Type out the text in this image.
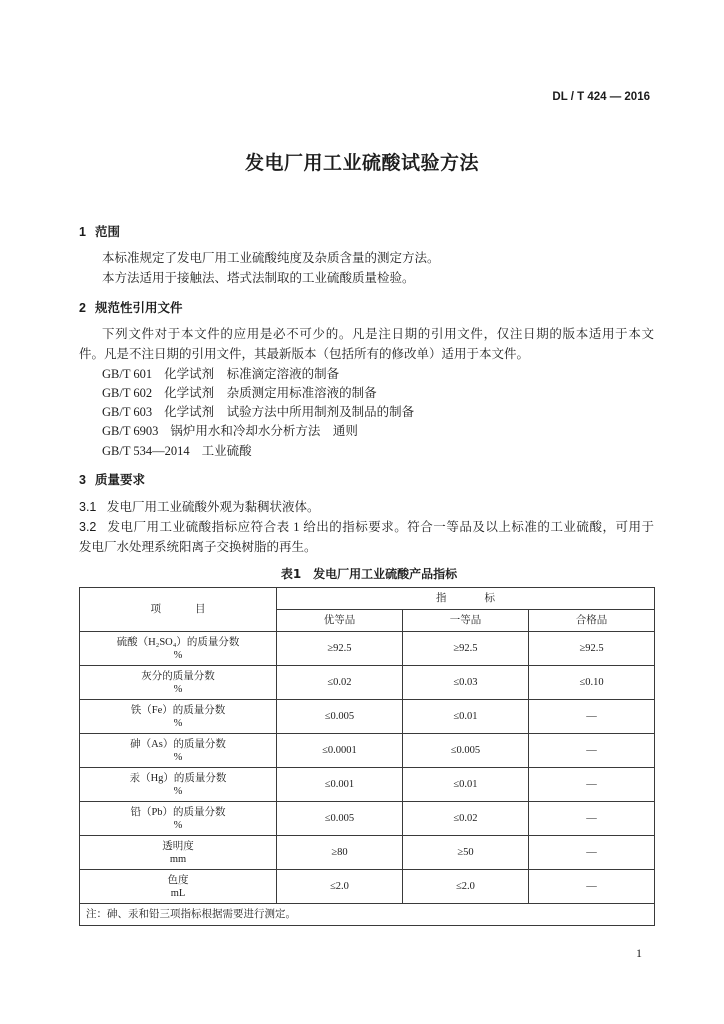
DL / T 424 — 2016
发电厂用工业硫酸试验方法
1 范围
本标准规定了发电厂用工业硫酸纯度及杂质含量的测定方法。
本方法适用于接触法、塔式法制取的工业硫酸质量检验。
2 规范性引用文件
下列文件对于本文件的应用是必不可少的。凡是注日期的引用文件，仅注日期的版本适用于本文
件。凡是不注日期的引用文件，其最新版本（包括所有的修改单）适用于本文件。
GB/T 601 化学试剂　标准滴定溶液的制备
GB/T 602 化学试剂　杂质测定用标准溶液的制备
GB/T 603 化学试剂　试验方法中所用制剂及制品的制备
GB/T 6903 锅炉用水和冷却水分析方法　通则
GB/T 534—2014 工业硫酸
3 质量要求
3.1 发电厂用工业硫酸外观为黏稠状液体。
3.2 发电厂用工业硫酸指标应符合表 1 给出的指标要求。符合一等品及以上标准的工业硫酸，可用于
发电厂水处理系统阳离子交换树脂的再生。
表1 发电厂用工业硫酸产品指标
项目	指标		
	优等品	一等品	合格品

硫酸（H₂SO₄）的质量分数
%	≥92.5	≥92.5	≥92.5

灰分的质量分数
%	≤0.02	≤0.03	≤0.10

铁（Fe）的质量分数
%	≤0.005	≤0.01	—

砷（As）的质量分数
%	≤0.0001	≤0.005	—

汞（Hg）的质量分数
%	≤0.001	≤0.01	—

铅（Pb）的质量分数
%	≤0.005	≤0.02	—

透明度
mm	≥80	≥50	—

色度
mL	≤2.0	≤2.0	—
注：砷、汞和铅三项指标根据需要进行测定。			
1
